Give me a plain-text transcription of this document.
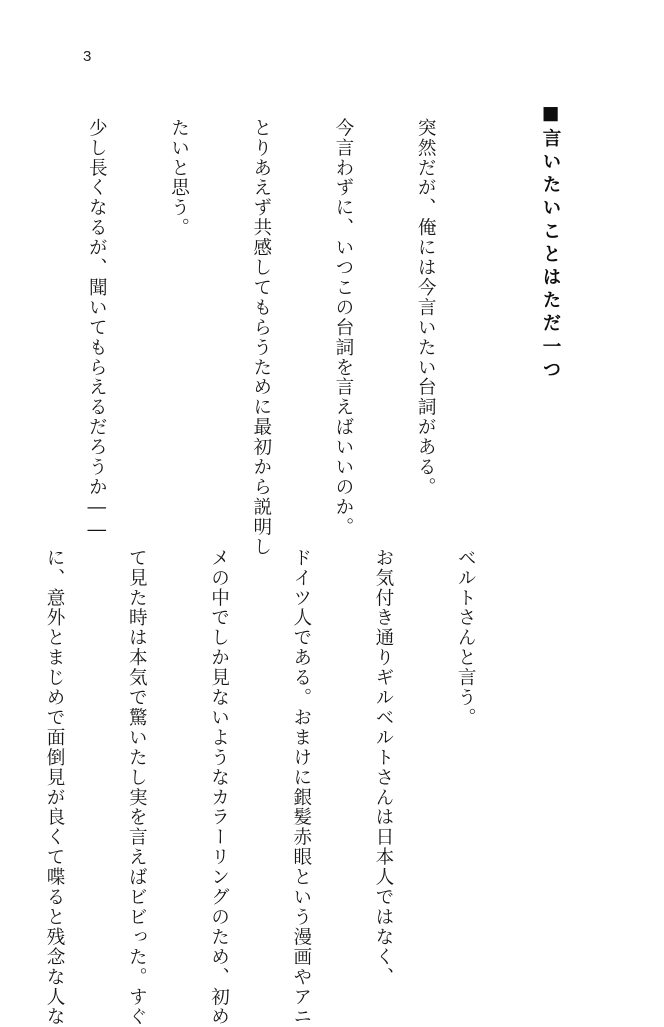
3
■言いたいことはただ一つ

突然だが、俺には今言いたい台詞がある。

今言わずに、いつこの台詞を言えばいいのか。

とりあえず共感してもらうために最初から説明し

たいと思う。

少し長くなるが、聞いてもらえるだろうか――

ベルトさんと言う。

お気付き通りギルベルトさんは日本人ではなく、

ドイツ人である。おまけに銀髪赤眼という漫画やアニ

メの中でしか見ないようなカラーリングのため、初め

て見た時は本気で驚いたし実を言えばビビった。すぐ

に、意外とまじめで面倒見が良くて喋ると残念な人な
